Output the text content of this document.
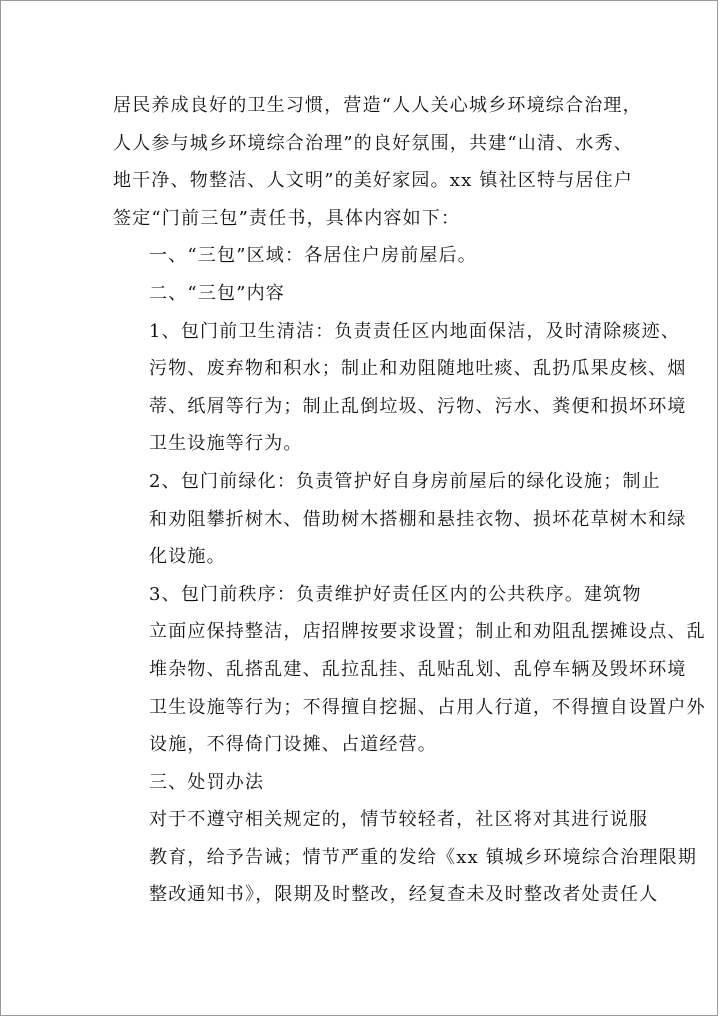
居民养成良好的卫生习惯，营造“人人关心城乡环境综合治理，
人人参与城乡环境综合治理”的良好氛围，共建“山清、水秀、
地干净、物整洁、人文明”的美好家园。xx 镇社区特与居住户
签定“门前三包”责任书，具体内容如下：

一、“三包”区域：各居住户房前屋后。

二、“三包”内容

1、包门前卫生清洁：负责责任区内地面保洁，及时清除痰迹、
污物、废弃物和积水；制止和劝阻随地吐痰、乱扔瓜果皮核、烟
蒂、纸屑等行为；制止乱倒垃圾、污物、污水、粪便和损坏环境
卫生设施等行为。

2、包门前绿化：负责管护好自身房前屋后的绿化设施；制止
和劝阻攀折树木、借助树木搭棚和悬挂衣物、损坏花草树木和绿
化设施。

3、包门前秩序：负责维护好责任区内的公共秩序。建筑物
立面应保持整洁，店招牌按要求设置；制止和劝阻乱摆摊设点、乱
堆杂物、乱搭乱建、乱拉乱挂、乱贴乱划、乱停车辆及毁坏环境
卫生设施等行为；不得擅自挖掘、占用人行道，不得擅自设置户外
设施，不得倚门设摊、占道经营。

三、处罚办法

对于不遵守相关规定的，情节较轻者，社区将对其进行说服
教育，给予告诫；情节严重的发给《xx 镇城乡环境综合治理限期
整改通知书》，限期及时整改，经复查未及时整改者处责任人
